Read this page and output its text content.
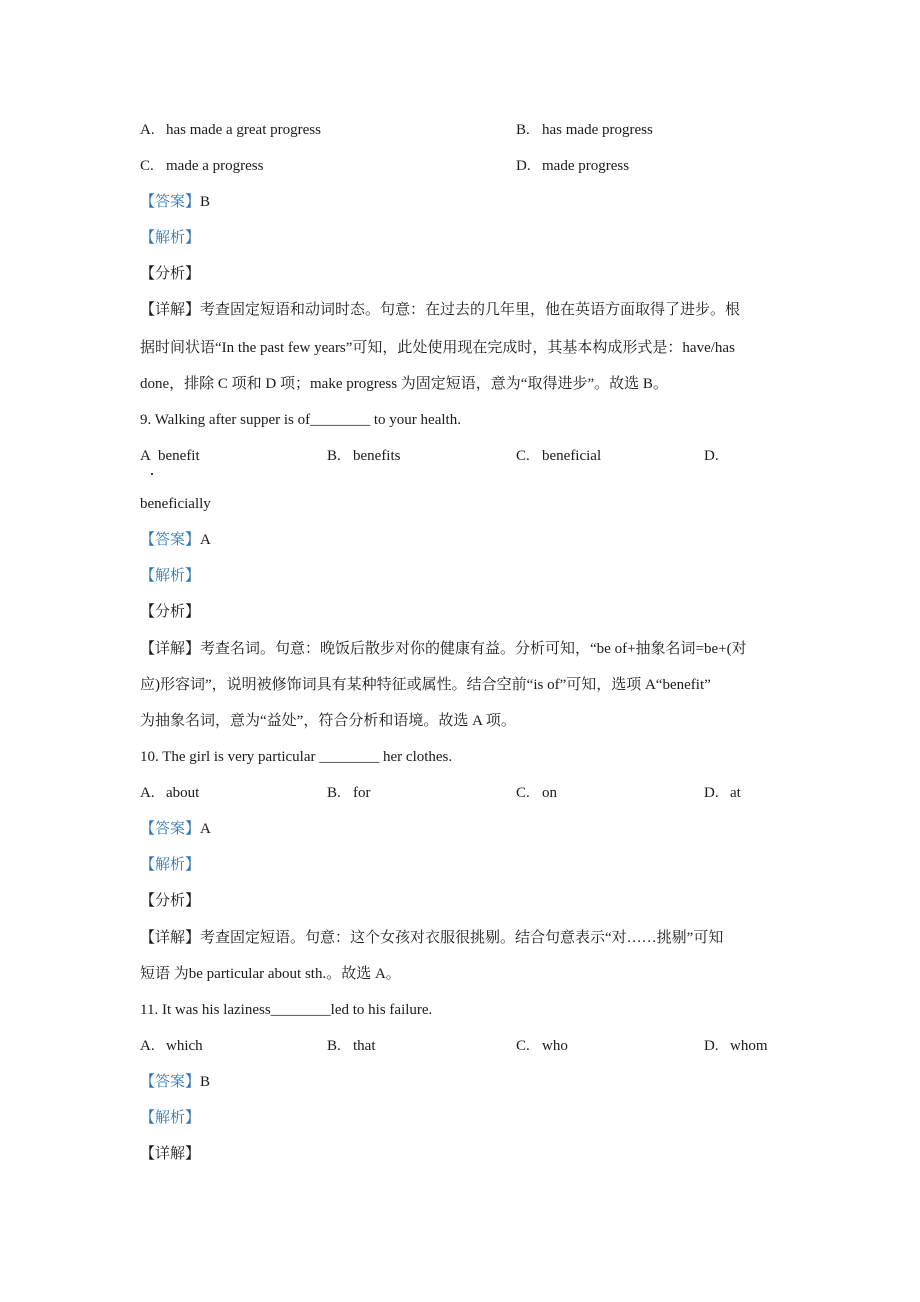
A. has made a great progress	B. has made progress
C. made a progress	D. made progress
【答案】B
【解析】
【分析】
【详解】考查固定短语和动词时态。句意：在过去的几年里，他在英语方面取得了进步。根
据时间状语“In the past few years”可知，此处使用现在完成时，其基本构成形式是：have/has
done，排除 C 项和 D 项；make progress 为固定短语，意为“取得进步”。故选 B。
9. Walking after supper is of________ to your health.
A benefit
·
B. benefits	C. beneficial	D.
beneficially
【答案】A
【解析】
【分析】
【详解】考查名词。句意：晚饭后散步对你的健康有益。分析可知，“be of+抽象名词=be+(对
应)形容词”，说明被修饰词具有某种特征或属性。结合空前“is of”可知，选项 A“benefit”
为抽象名词，意为“益处”，符合分析和语境。故选 A 项。
10. The girl is very particular ________ her clothes.
A. about	B. for	C. on	D. at
【答案】A
【解析】
【分析】
【详解】考查固定短语。句意：这个女孩对衣服很挑剔。结合句意表示“对……挑剔”可知
短语 为be particular about sth.。故选 A。
11. It was his laziness________led to his failure.
A. which	B. that	C. who	D. whom
【答案】B
【解析】
【详解】
